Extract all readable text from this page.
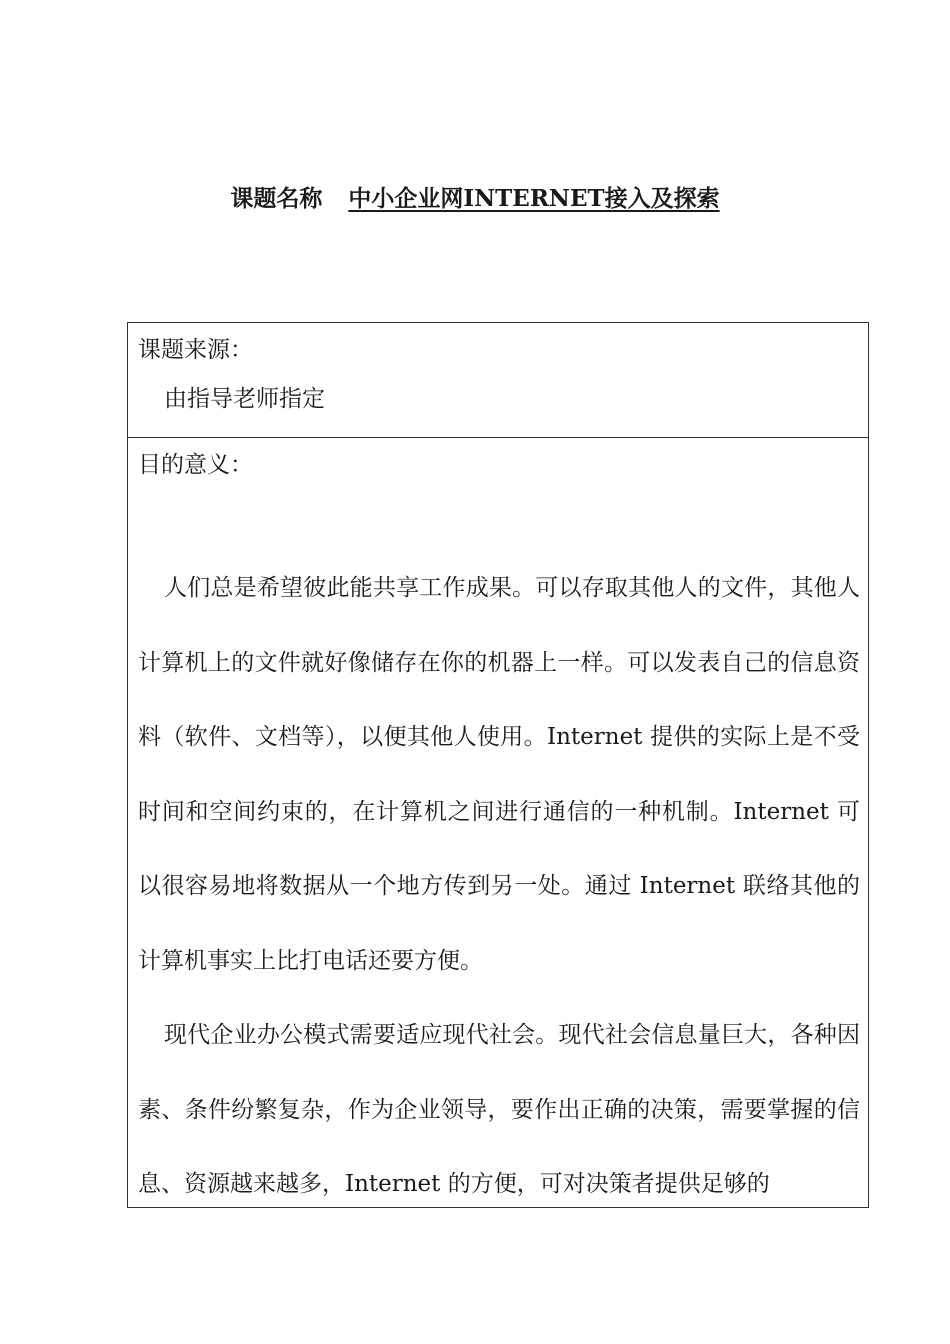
课题名称 中小企业网INTERNET接入及探索
课题来源：
由指导老师指定
目的意义：

人们总是希望彼此能共享工作成果。可以存取其他人的文件，其他人计算机上的文件就好像储存在你的机器上一样。可以发表自己的信息资料（软件、文档等），以便其他人使用。Internet 提供的实际上是不受时间和空间约束的，在计算机之间进行通信的一种机制。Internet 可以很容易地将数据从一个地方传到另一处。通过 Internet 联络其他的计算机事实上比打电话还要方便。

现代企业办公模式需要适应现代社会。现代社会信息量巨大，各种因素、条件纷繁复杂，作为企业领导，要作出正确的决策，需要掌握的信息、资源越来越多，Internet 的方便，可对决策者提供足够的
